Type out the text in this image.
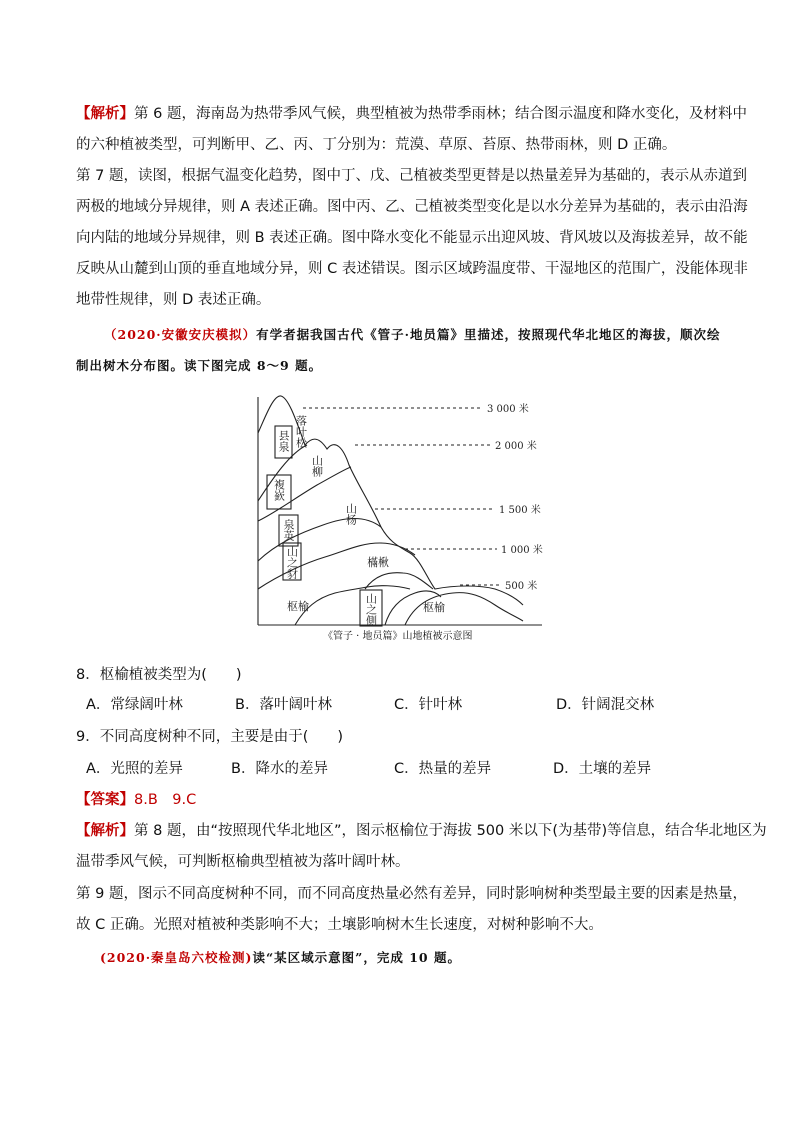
【解析】第 6 题，海南岛为热带季风气候，典型植被为热带季雨林；结合图示温度和降水变化，及材料中
的六种植被类型，可判断甲、乙、丙、丁分别为：荒漠、草原、苔原、热带雨林，则 D 正确。
第 7 题，读图，根据气温变化趋势，图中丁、戊、己植被类型更替是以热量差异为基础的，表示从赤道到
两极的地域分异规律，则 A 表述正确。图中丙、乙、己植被类型变化是以水分差异为基础的，表示由沿海
向内陆的地域分异规律，则 B 表述正确。图中降水变化不能显示出迎风坡、背风坡以及海拔差异，故不能
反映从山麓到山顶的垂直地域分异，则 C 表述错误。图示区域跨温度带、干湿地区的范围广，没能体现非
地带性规律，则 D 表述正确。
（2020·安徽安庆模拟）有学者据我国古代《管子·地员篇》里描述，按照现代华北地区的海拔，顺次绘
制出树木分布图。读下图完成 8～9 题。
3 000 米
2 000 米
1 500 米
1 000 米
500 米
县泉 落叶松
複嶔
山柳
泉英
山杨
山之豺
山之側
樠楸
枢榆	枢榆
《管子 · 地员篇》山地植被示意图
8．枢榆植被类型为(　　)
A．常绿阔叶林	B．落叶阔叶林	C．针叶林	D．针阔混交林
9．不同高度树种不同，主要是由于(　　)
A．光照的差异	B．降水的差异	C．热量的差异	D．土壤的差异
【答案】8.B　9.C
【解析】第 8 题，由“按照现代华北地区”，图示枢榆位于海拔 500 米以下(为基带)等信息，结合华北地区为
温带季风气候，可判断枢榆典型植被为落叶阔叶林。
第 9 题，图示不同高度树种不同，而不同高度热量必然有差异，同时影响树种类型最主要的因素是热量，
故 C 正确。光照对植被种类影响不大；土壤影响树木生长速度，对树种影响不大。
(2020·秦皇岛六校检测)读“某区域示意图”，完成 10 题。
